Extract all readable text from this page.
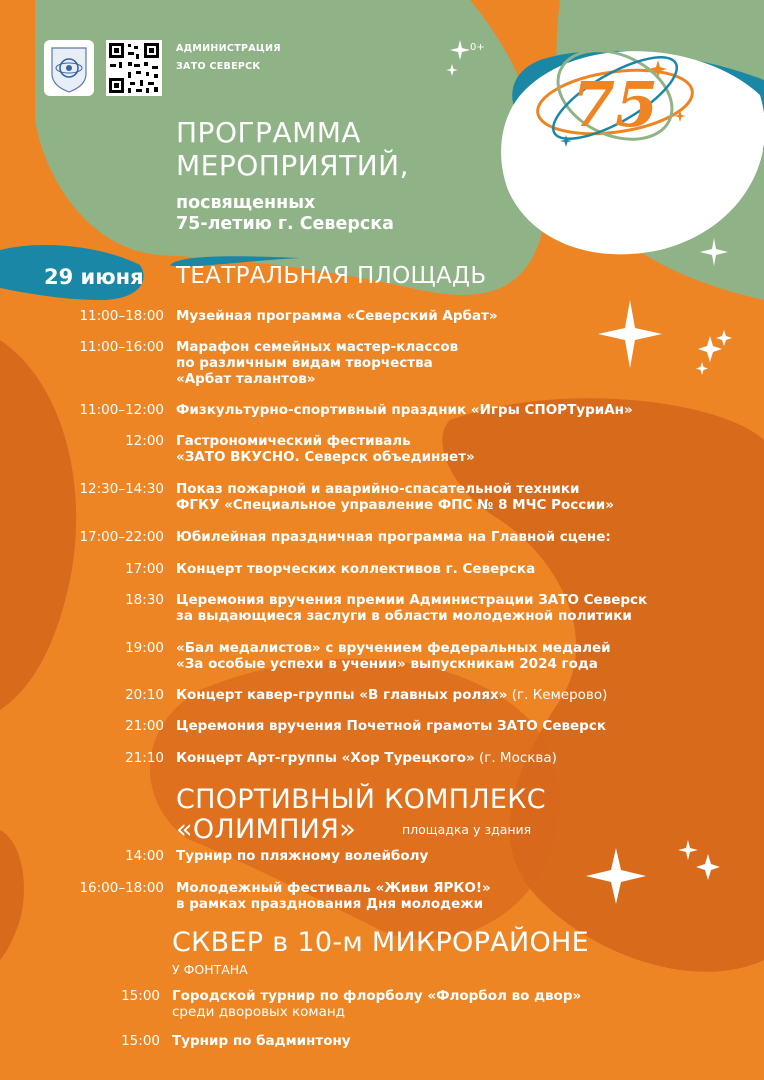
АДМИНИСТРАЦИЯ
ЗАТО СЕВЕРСК
0+
75
ПРОГРАММА
МЕРОПРИЯТИЙ,
посвященных
75-летию г. Северска
29 июня ТЕАТРАЛЬНАЯ ПЛОЩАДЬ
11:00–18:00 Музейная программа «Северский Арбат»
11:00–16:00 Марафон семейных мастер-классов
по различным видам творчества
«Арбат талантов»
11:00–12:00 Физкультурно-спортивный праздник «Игры СПОРТуриАн»
12:00 Гастрономический фестиваль
«ЗАТО ВКУСНО. Северск объединяет»
12:30–14:30 Показ пожарной и аварийно-спасательной техники
ФГКУ «Специальное управление ФПС № 8 МЧС России»
17:00–22:00 Юбилейная праздничная программа на Главной сцене:
17:00 Концерт творческих коллективов г. Северска
18:30 Церемония вручения премии Администрации ЗАТО Северск
за выдающиеся заслуги в области молодежной политики
19:00 «Бал медалистов» с вручением федеральных медалей
«За особые успехи в учении» выпускникам 2024 года
20:10 Концерт кавер-группы «В главных ролях» (г. Кемерово)
21:00 Церемония вручения Почетной грамоты ЗАТО Северск
21:10 Концерт Арт-группы «Хор Турецкого» (г. Москва)
СПОРТИВНЫЙ КОМПЛЕКС
«ОЛИМПИЯ»	площадка у здания
14:00 Турнир по пляжному волейболу
16:00–18:00 Молодежный фестиваль «Живи ЯРКО!»
в рамках празднования Дня молодежи
СКВЕР в 10-м МИКРОРАЙОНЕ
У ФОНТАНА
15:00 Городской турнир по флорболу «Флорбол во двор»
среди дворовых команд
15:00 Турнир по бадминтону
